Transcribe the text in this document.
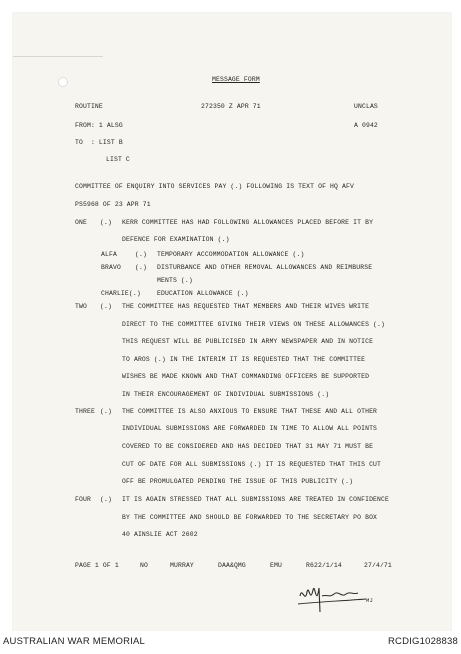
MESSAGE FORM
ROUTINE	272350 Z APR 71	UNCLAS
FROM: 1 ALSG	A 0942
TO  : LIST B
LIST C
COMMITTEE OF ENQUIRY INTO SERVICES PAY (.) FOLLOWING IS TEXT OF HQ AFV
PS5968 OF 23 APR 71
ONE (.) KERR COMMITTEE HAS HAD FOLLOWING ALLOWANCES PLACED BEFORE IT BY
DEFENCE FOR EXAMINATION (.)
ALFA	(.) TEMPORARY ACCOMMODATION ALLOWANCE (.)
BRAVO (.) DISTURBANCE AND OTHER REMOVAL ALLOWANCES AND REIMBURSE
MENTS (.)
CHARLIE(.)	EDUCATION ALLOWANCE (.)
TWO (.) THE COMMITTEE HAS REQUESTED THAT MEMBERS AND THEIR WIVES WRITE
DIRECT TO THE COMMITTEE GIVING THEIR VIEWS ON THESE ALLOWANCES (.)
THIS REQUEST WILL BE PUBLICISED IN ARMY NEWSPAPER AND IN NOTICE
TO AROS (.) IN THE INTERIM IT IS REQUESTED THAT THE COMMITTEE
WISHES BE MADE KNOWN AND THAT COMMANDING OFFICERS BE SUPPORTED
IN THEIR ENCOURAGEMENT OF INDIVIDUAL SUBMISSIONS (.)
THREE (.) THE COMMITTEE IS ALSO ANXIOUS TO ENSURE THAT THESE AND ALL OTHER
INDIVIDUAL SUBMISSIONS ARE FORWARDED IN TIME TO ALLOW ALL POINTS
COVERED TO BE CONSIDERED AND HAS DECIDED THAT 31 MAY 71 MUST BE
CUT OF DATE FOR ALL SUBMISSIONS (.) IT IS REQUESTED THAT THIS CUT
OFF BE PROMULGATED PENDING THE ISSUE OF THIS PUBLICITY (.)
FOUR (.) IT IS AGAIN STRESSED THAT ALL SUBMISSIONS ARE TREATED IN CONFIDENCE
BY THE COMMITTEE AND SHOULD BE FORWARDED TO THE SECRETARY PO BOX
40 AINSLIE ACT 2602
PAGE 1 OF 1	NO	MURRAY	DAA&QMG	EMU	R622/1/14	27/4/71
MJ
AUSTRALIAN WAR MEMORIAL	RCDIG1028838
